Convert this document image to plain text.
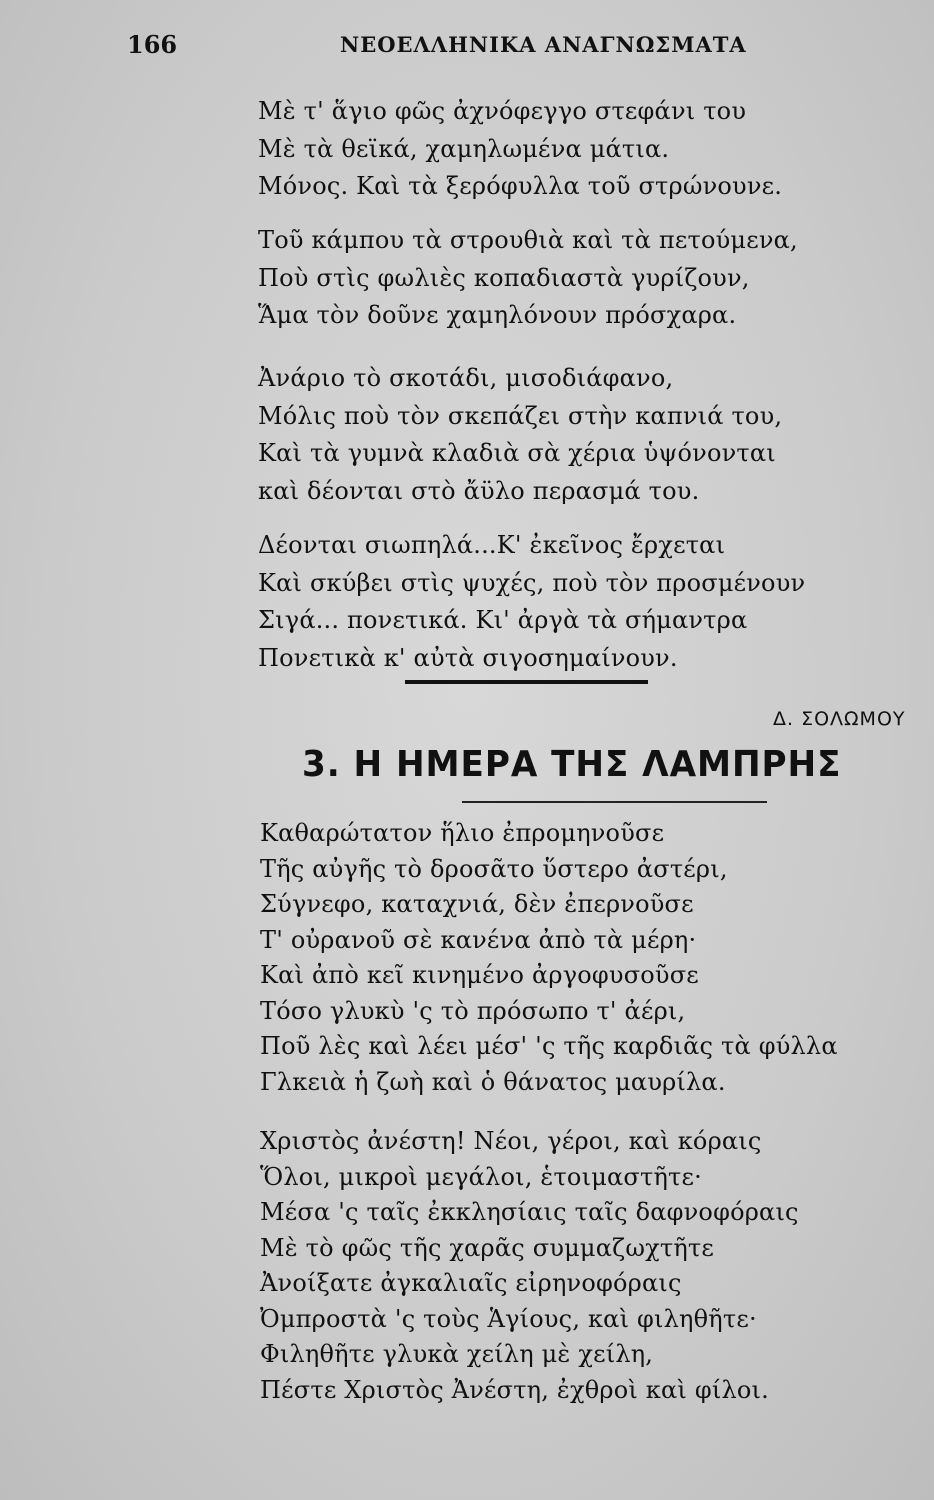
166	ΝΕΟΕΛΛΗΝΙΚΑ ΑΝΑΓΝΩΣΜΑΤΑ
Μὲ τ' ἅγιο φῶς ἀχνόφεγγο στεφάνι του
Μὲ τὰ θεϊκά, χαμηλωμένα μάτια.
Μόνος. Καὶ τὰ ξερόφυλλα τοῦ στρώνουνε.
Τοῦ κάμπου τὰ στρουθιὰ καὶ τὰ πετούμενα,
Ποὺ στὶς φωλιὲς κοπαδιαστὰ γυρίζουν,
Ἅμα τὸν δοῦνε χαμηλόνουν πρόσχαρα.
Ἀνάριο τὸ σκοτάδι, μισοδιάφανο,
Μόλις ποὺ τὸν σκεπάζει στὴν καπνιά του,
Καὶ τὰ γυμνὰ κλαδιὰ σὰ χέρια ὑψόνονται
καὶ δέονται στὸ ἄϋλο περασμά του.
Δέονται σιωπηλά...Κ' ἐκεῖνος ἔρχεται
Καὶ σκύβει στὶς ψυχές, ποὺ τὸν προσμένουν
Σιγά... πονετικά. Κι' ἀργὰ τὰ σήμαντρα
Πονετικὰ κ' αὐτὰ σιγοσημαίνουν.
Δ. ΣΟΛΩΜΟΥ
3. Η ΗΜΕΡΑ ΤΗΣ ΛΑΜΠΡΗΣ
Καθαρώτατον ἥλιο ἐπρομηνοῦσε
Τῆς αὐγῆς τὸ δροσᾶτο ὕστερο ἀστέρι,
Σύγνεφο, καταχνιά, δὲν ἐπερνοῦσε
Τ' οὐρανοῦ σὲ κανένα ἀπὸ τὰ μέρη·
Καὶ ἀπὸ κεῖ κινημένο ἀργοφυσοῦσε
Τόσο γλυκὺ 'ς τὸ πρόσωπο τ' ἀέρι,
Ποῦ λὲς καὶ λέει μέσ' 'ς τῆς καρδιᾶς τὰ φύλλα
Γλκειὰ ἡ ζωὴ καὶ ὁ θάνατος μαυρίλα.
Χριστὸς ἀνέστη! Νέοι, γέροι, καὶ κόραις
Ὅλοι, μικροὶ μεγάλοι, ἑτοιμαστῆτε·
Μέσα 'ς ταῖς ἐκκλησίαις ταῖς δαφνοφόραις
Μὲ τὸ φῶς τῆς χαρᾶς συμμαζωχτῆτε
Ἀνοίξατε ἀγκαλιαῖς εἰρηνοφόραις
Ὀμπροστὰ 'ς τοὺς Ἁγίους, καὶ φιληθῆτε·
Φιληθῆτε γλυκὰ χείλη μὲ χείλη,
Πέστε Χριστὸς Ἀνέστη, ἐχθροὶ καὶ φίλοι.
